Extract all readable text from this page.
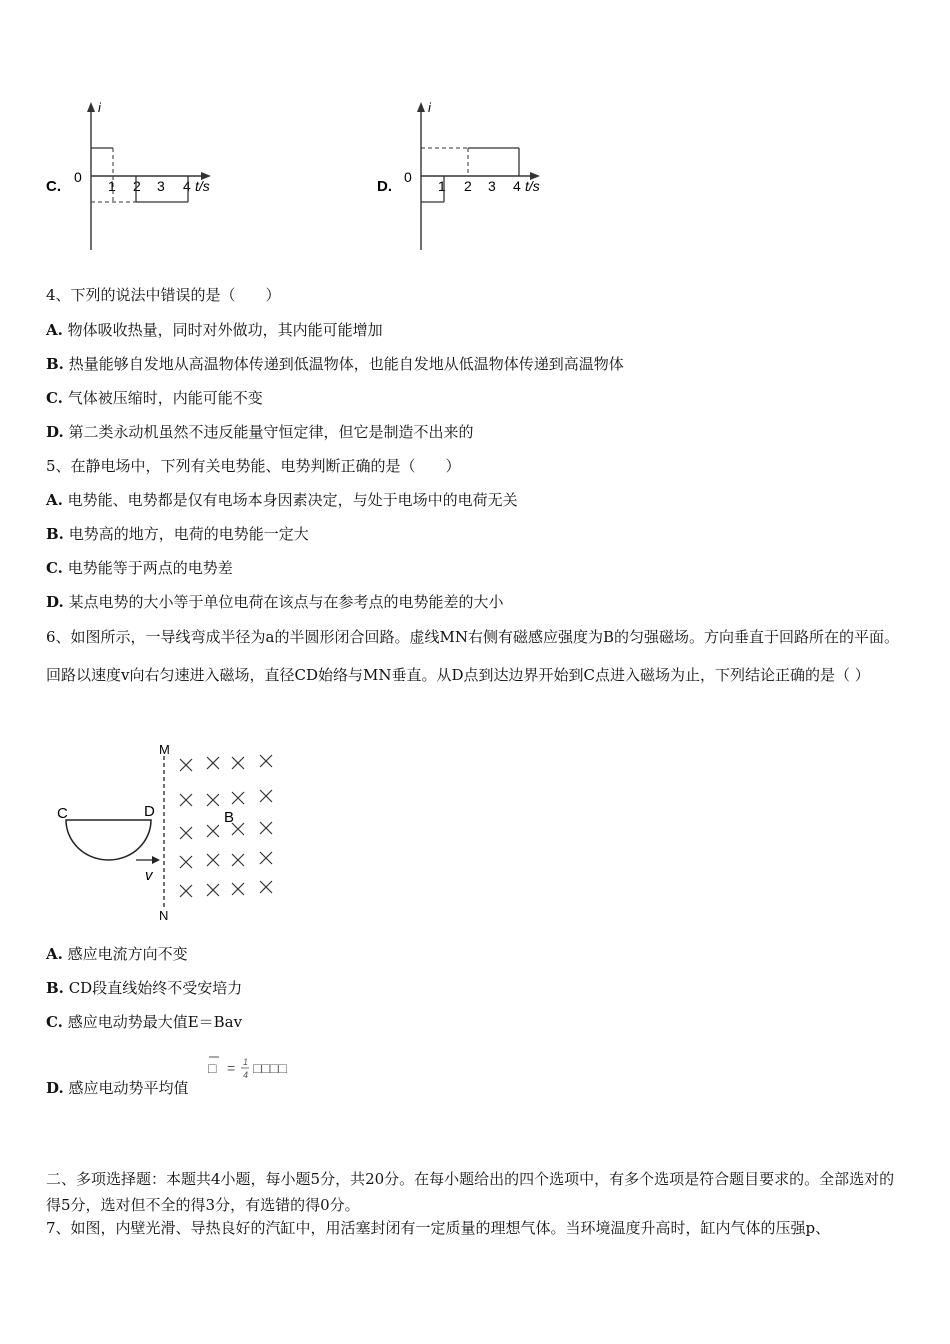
C.
i
0
1 2 3 4 t/s	D.
i
0
1 2 3 4 t/s
4、下列的说法中错误的是（　　）
A. 物体吸收热量，同时对外做功，其内能可能增加
B. 热量能够自发地从高温物体传递到低温物体，也能自发地从低温物体传递到高温物体
C. 气体被压缩时，内能可能不变
D. 第二类永动机虽然不违反能量守恒定律，但它是制造不出来的
5、在静电场中，下列有关电势能、电势判断正确的是（　　）
A. 电势能、电势都是仅有电场本身因素决定，与处于电场中的电荷无关
B. 电势高的地方，电荷的电势能一定大
C. 电势能等于两点的电势差
D. 某点电势的大小等于单位电荷在该点与在参考点的电势能差的大小
6、如图所示，一导线弯成半径为a的半圆形闭合回路。虚线MN右侧有磁感应强度为B的匀强磁场。方向垂直于回路所在的平面。回路以速度v向右匀速进入磁场，直径CD始络与MN垂直。从D点到达边界开始到C点进入磁场为止，下列结论正确的是（ ）
C	D
v
M
N
B
A. 感应电流方向不变
B. CD段直线始终不受安培力
C. 感应电动势最大值E＝Bav
D. 感应电动势平均值
□ = 1
4 □□□□
二、多项选择题：本题共4小题，每小题5分，共20分。在每小题给出的四个选项中，有多个选项是符合题目要求的。全部选对的得5分，选对但不全的得3分，有选错的得0分。
7、如图，内壁光滑、导热良好的汽缸中，用活塞封闭有一定质量的理想气体。当环境温度升高时，缸内气体的压强p、
